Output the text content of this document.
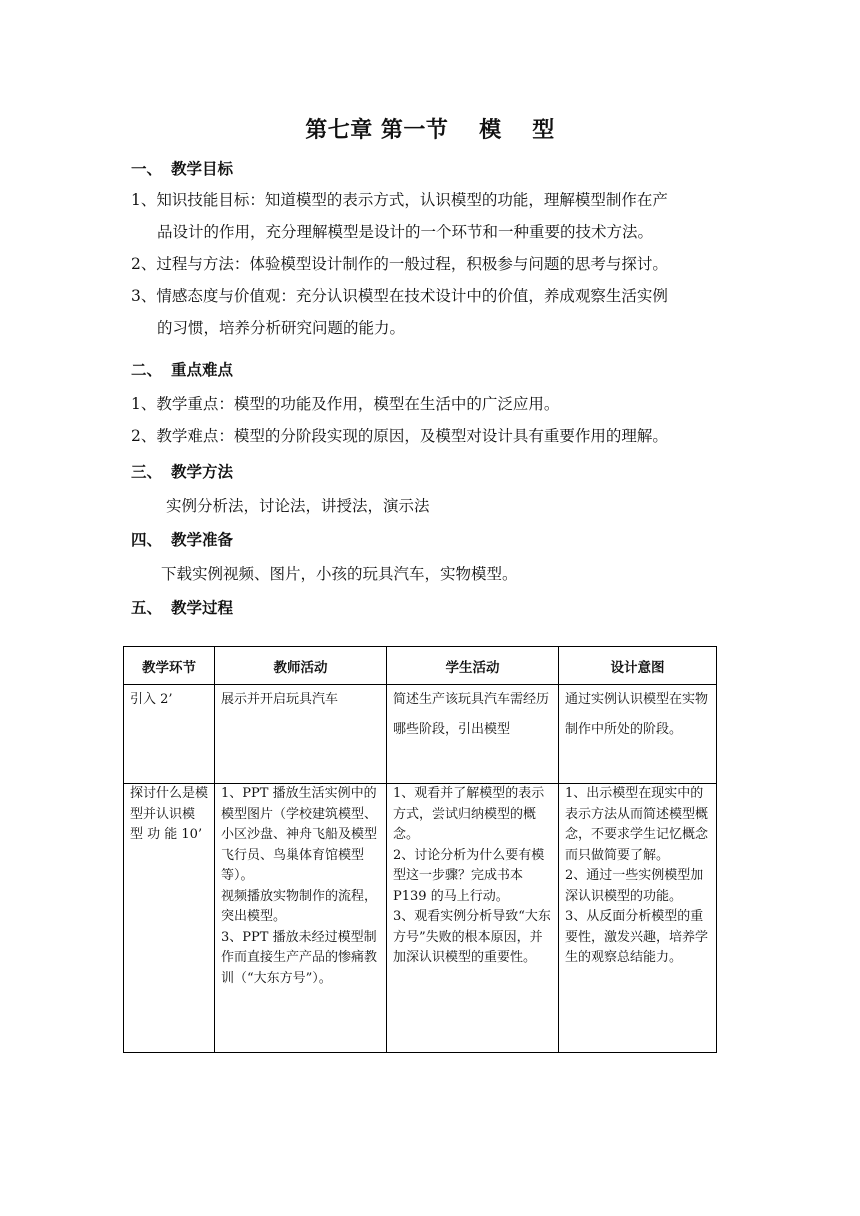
第七章 第一节　 模　 型
一、 教学目标
1、知识技能目标：知道模型的表示方式，认识模型的功能，理解模型制作在产
品设计的作用，充分理解模型是设计的一个环节和一种重要的技术方法。
2、过程与方法：体验模型设计制作的一般过程，积极参与问题的思考与探讨。
3、情感态度与价值观：充分认识模型在技术设计中的价值，养成观察生活实例
的习惯，培养分析研究问题的能力。
二、 重点难点
1、教学重点：模型的功能及作用，模型在生活中的广泛应用。
2、教学难点：模型的分阶段实现的原因，及模型对设计具有重要作用的理解。
三、 教学方法
实例分析法，讨论法，讲授法，演示法
四、 教学准备
下载实例视频、图片，小孩的玩具汽车，实物模型。
五、 教学过程
教学环节	教师活动	学生活动	设计意图
引入 2’	展示并开启玩具汽车	简述生产该玩具汽车需经历哪些阶段，引出模型	通过实例认识模型在实物制作中所处的阶段。
探讨什么是模型并认识模 型 功 能 10’	1、PPT 播放生活实例中的模型图片（学校建筑模型、小区沙盘、神舟飞船及模型飞行员、鸟巢体育馆模型等）。
视频播放实物制作的流程，突出模型。
3、PPT 播放未经过模型制作而直接生产产品的惨痛教训（“大东方号”）。	1、观看并了解模型的表示方式，尝试归纳模型的概念。
2、讨论分析为什么要有模型这一步骤？完成书本 P139 的马上行动。
3、观看实例分析导致“大东方号”失败的根本原因，并加深认识模型的重要性。	1、出示模型在现实中的表示方法从而简述模型概念，不要求学生记忆概念而只做简要了解。
2、通过一些实例模型加深认识模型的功能。
3、从反面分析模型的重要性，激发兴趣，培养学生的观察总结能力。
